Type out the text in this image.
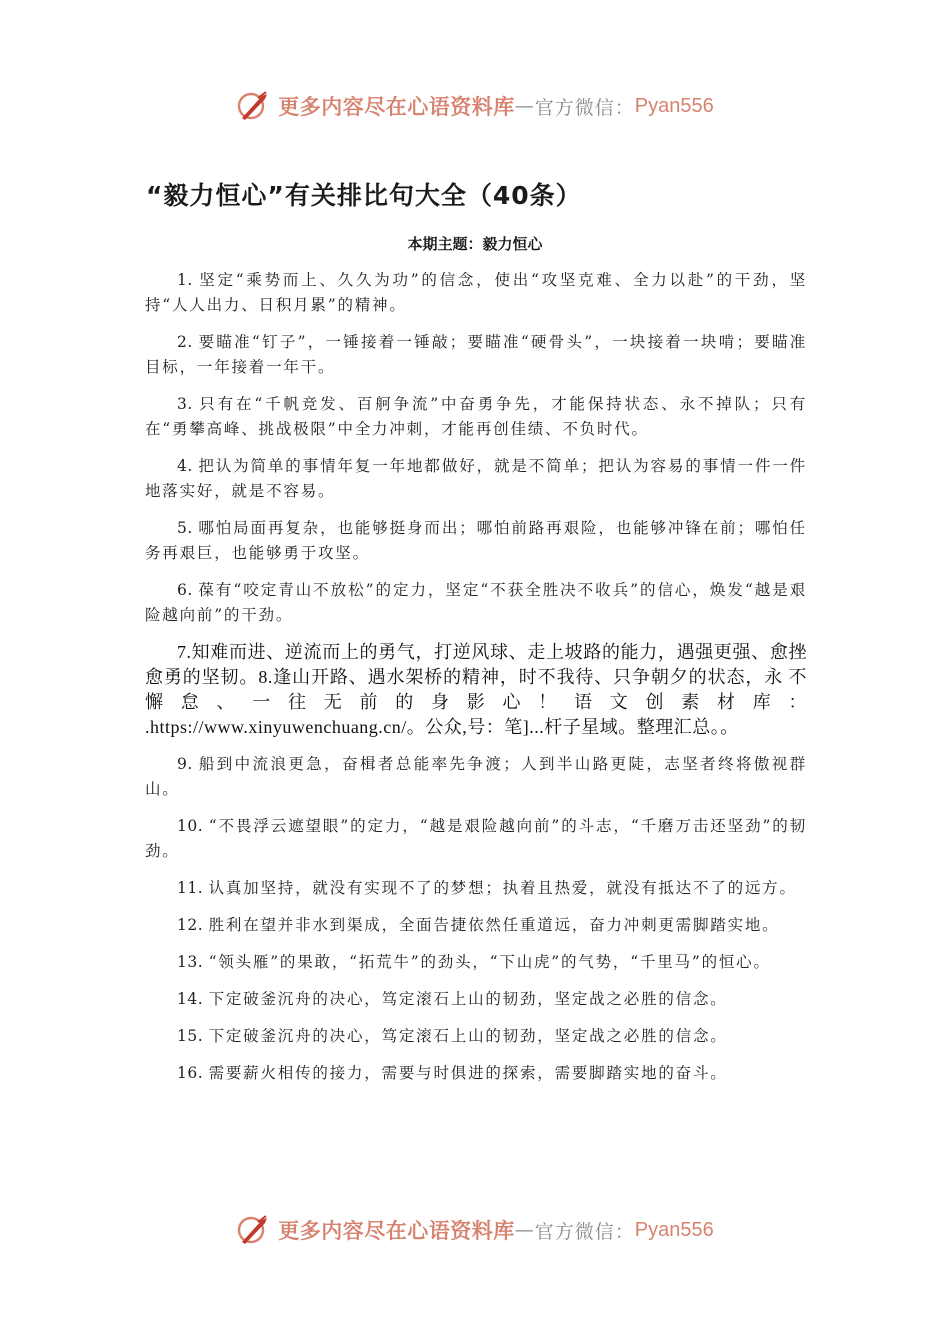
更多内容尽在心语资料库 — 官方微信： Pyan556
“毅力恒心”有关排比句大全（40条）
本期主题：毅力恒心

1. 坚定“乘势而上、久久为功”的信念，使出“攻坚克难、全力以赴”的干劲，坚持“人人出力、日积月累”的精神。

2. 要瞄准“钉子”，一锤接着一锤敲；要瞄准“硬骨头”，一块接着一块啃；要瞄准目标，一年接着一年干。

3. 只有在“千帆竞发、百舸争流”中奋勇争先，才能保持状态、永不掉队；只有在“勇攀高峰、挑战极限”中全力冲刺，才能再创佳绩、不负时代。

4. 把认为简单的事情年复一年地都做好，就是不简单；把认为容易的事情一件一件地落实好，就是不容易。

5. 哪怕局面再复杂，也能够挺身而出；哪怕前路再艰险，也能够冲锋在前；哪怕任务再艰巨，也能够勇于攻坚。

6. 葆有“咬定青山不放松”的定力，坚定“不获全胜决不收兵”的信心，焕发“越是艰险越向前”的干劲。

7.知难而进、逆流而上的勇气，打逆风球、走上坡路的能力，遇强更强、愈挫愈勇的坚韧。8.逢山开路、遇水架桥的精神，时不我待、只争朝夕的状态，永 不 懈 怠 、 一 往 无 前 的 身 影 心 ！ 语 文 创 素 材 库 ： .https://www.xinyuwenchuang.cn/。公众,号：笔]...杆子星域。整理汇总。。

9. 船到中流浪更急，奋楫者总能率先争渡；人到半山路更陡，志坚者终将傲视群山。

10. “不畏浮云遮望眼”的定力，“越是艰险越向前”的斗志，“千磨万击还坚劲”的韧劲。

11. 认真加坚持，就没有实现不了的梦想；执着且热爱，就没有抵达不了的远方。

12. 胜利在望并非水到渠成，全面告捷依然任重道远，奋力冲刺更需脚踏实地。

13. “领头雁”的果敢，“拓荒牛”的劲头，“下山虎”的气势，“千里马”的恒心。

14. 下定破釜沉舟的决心，笃定滚石上山的韧劲，坚定战之必胜的信念。

15. 下定破釜沉舟的决心，笃定滚石上山的韧劲，坚定战之必胜的信念。

16. 需要薪火相传的接力，需要与时俱进的探索，需要脚踏实地的奋斗。

更多内容尽在心语资料库 — 官方微信： Pyan556
